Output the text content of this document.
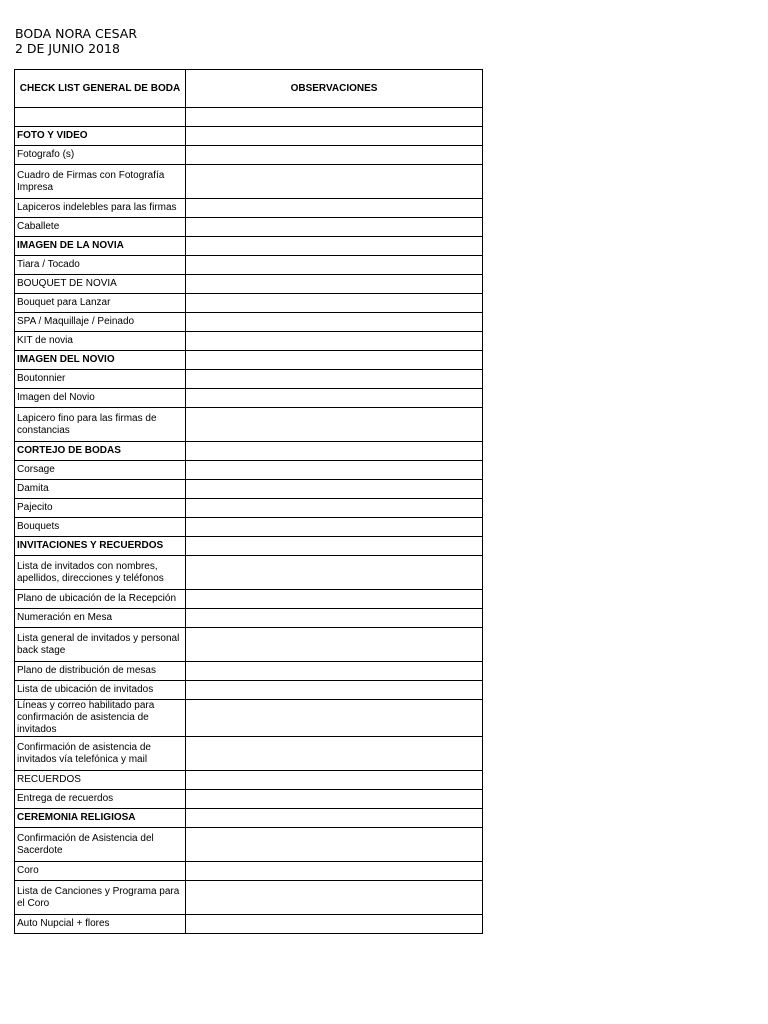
BODA NORA CESAR
2 DE JUNIO 2018
CHECK LIST GENERAL DE BODA	OBSERVACIONES

FOTO Y VIDEO	
Fotografo (s)	
Cuadro de Firmas con Fotografía Impresa	
Lapiceros indelebles para las firmas	
Caballete	
IMAGEN DE LA NOVIA	
Tiara / Tocado	
BOUQUET DE NOVIA	
Bouquet para Lanzar	
SPA / Maquillaje / Peinado	
KIT de novia	
IMAGEN DEL NOVIO	
Boutonnier	
Imagen del Novio	
Lapicero fino para las firmas de constancias	
CORTEJO DE BODAS	
Corsage	
Damita	
Pajecito	
Bouquets	
INVITACIONES Y RECUERDOS	
Lista de invitados con nombres, apellidos, direcciones y teléfonos	
Plano de ubicación de la Recepción	
Numeración en Mesa	
Lista general de invitados y personal back stage	
Plano de distribución de mesas	
Lista de ubicación de invitados	
Líneas y correo habilitado para confirmación de asistencia de invitados	
Confirmación de asistencia de invitados vía telefónica y mail	
RECUERDOS	
Entrega de recuerdos	
CEREMONIA RELIGIOSA	
Confirmación de Asistencia del Sacerdote	
Coro	
Lista de Canciones y Programa para el Coro	
Auto Nupcial + flores	
